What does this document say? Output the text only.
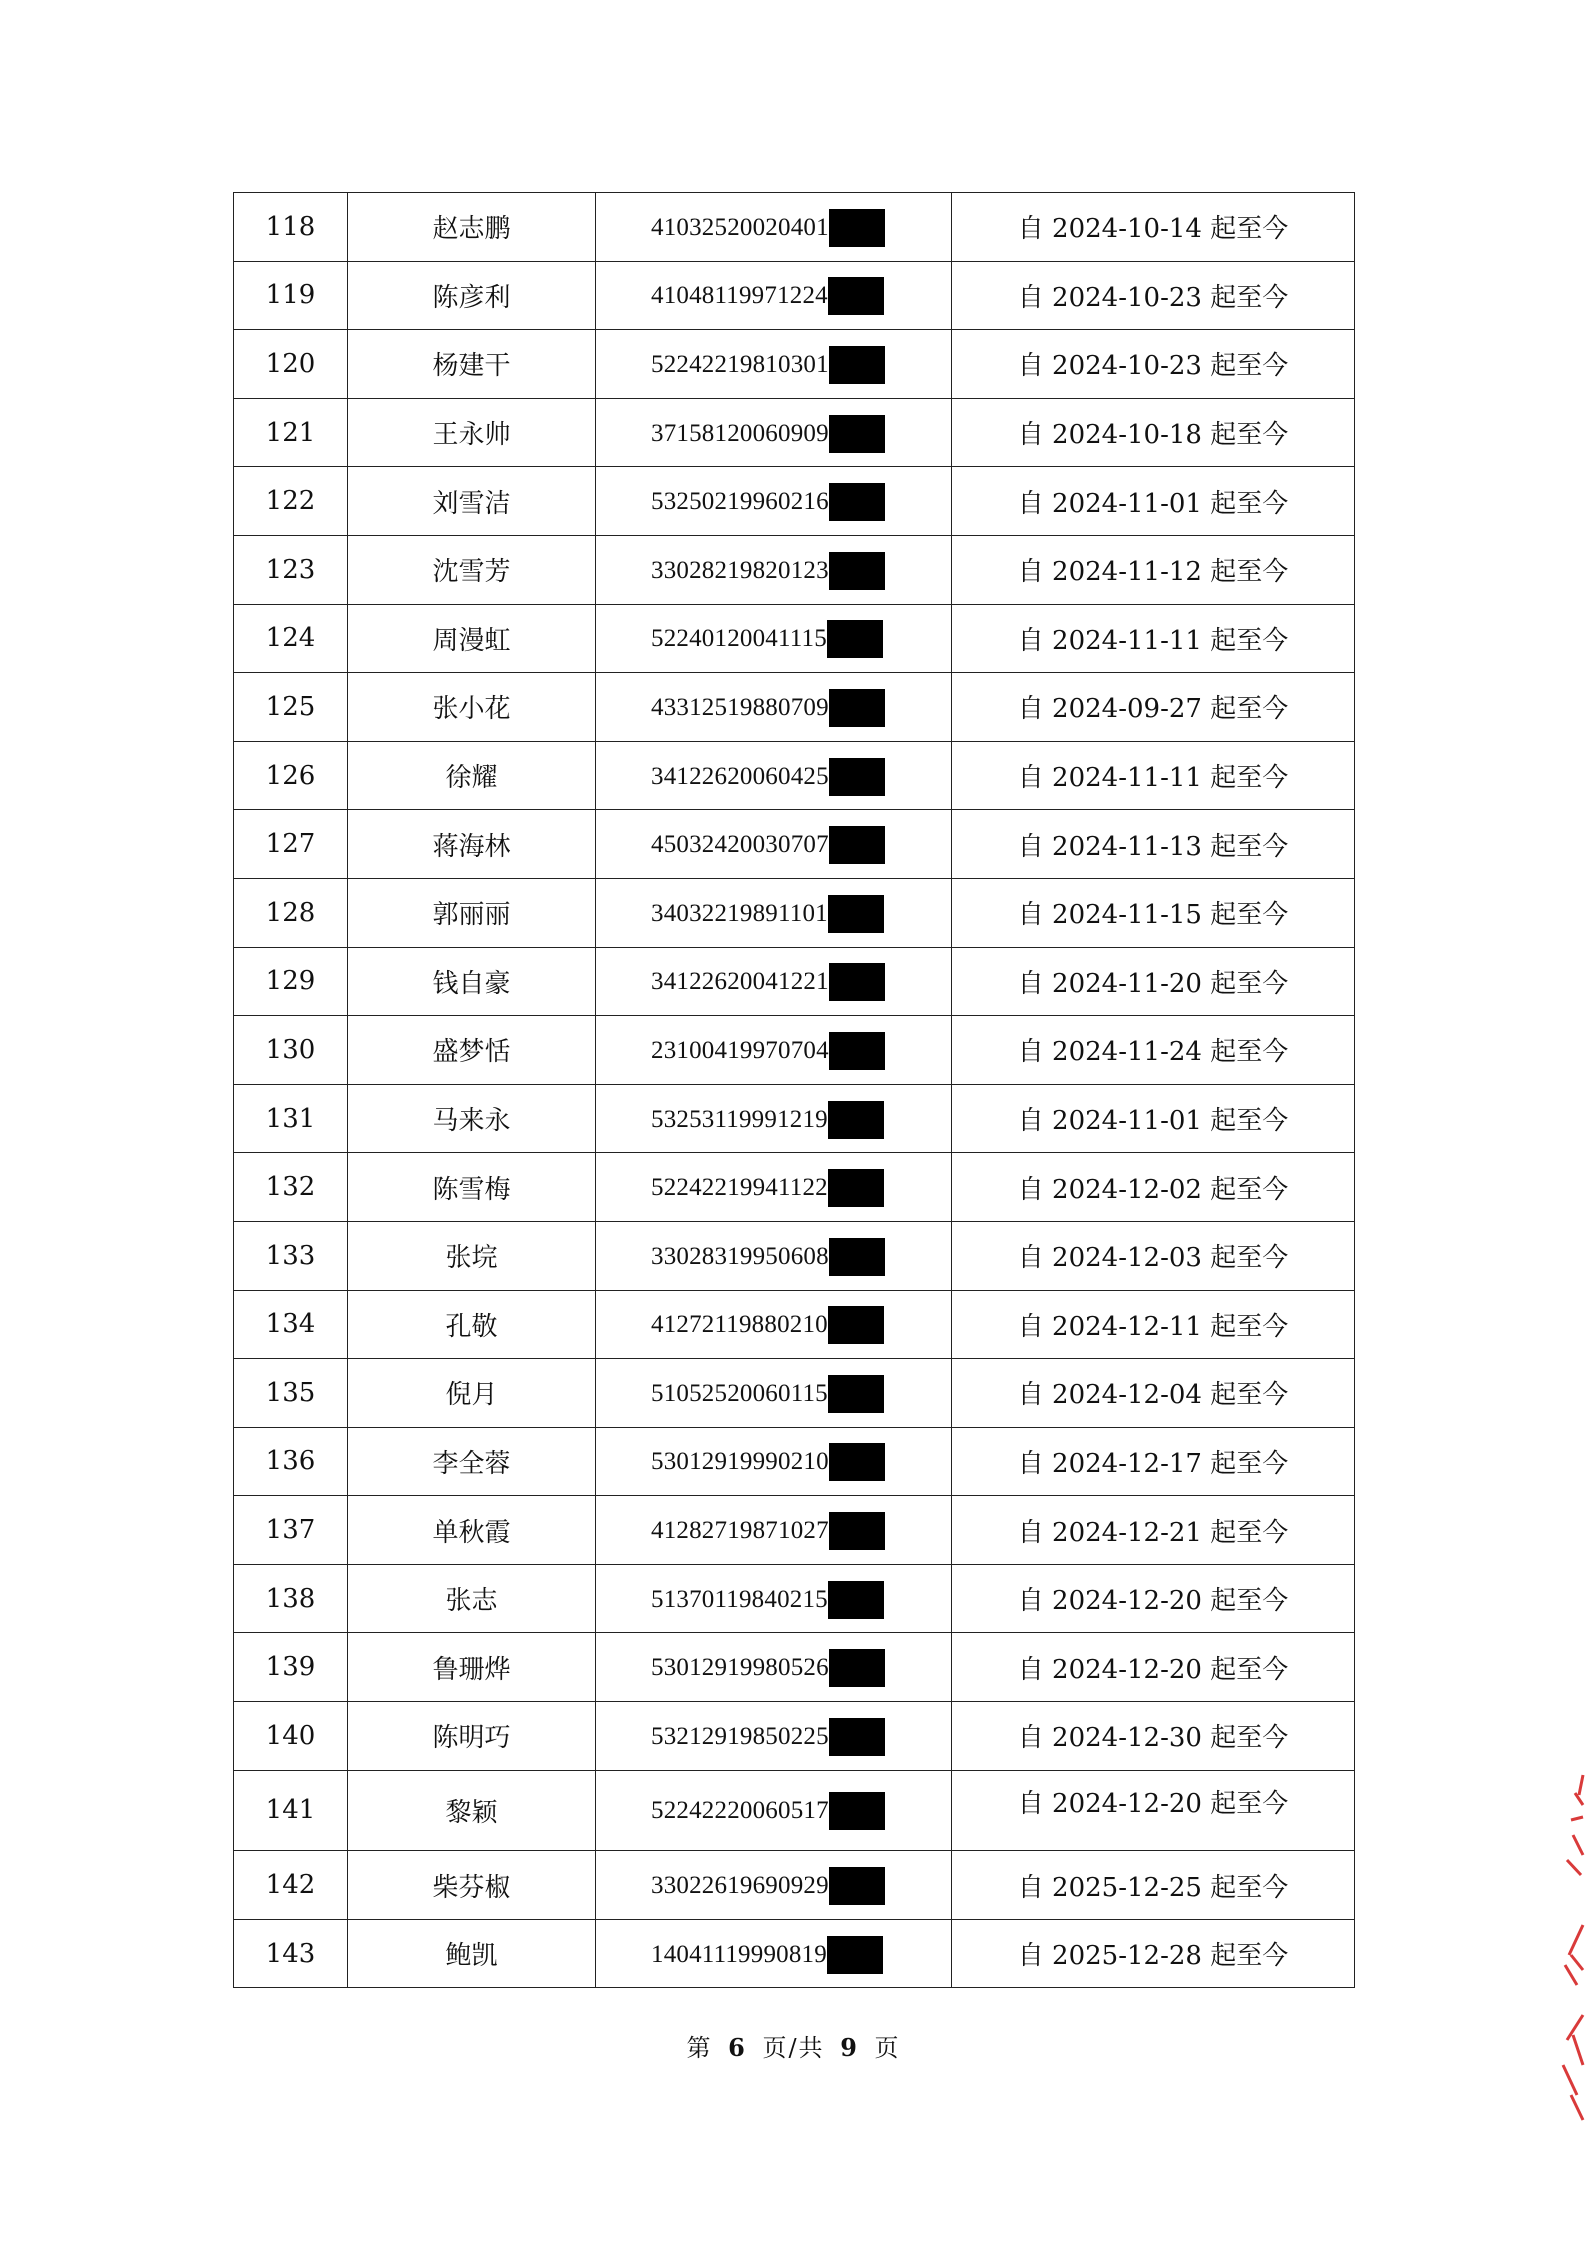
118	赵志鹏	41032520020401	自 2024-10-14 起至今
119	陈彦利	41048119971224	自 2024-10-23 起至今
120	杨建干	52242219810301	自 2024-10-23 起至今
121	王永帅	37158120060909	自 2024-10-18 起至今
122	刘雪洁	53250219960216	自 2024-11-01 起至今
123	沈雪芳	33028219820123	自 2024-11-12 起至今
124	周漫虹	52240120041115	自 2024-11-11 起至今
125	张小花	43312519880709	自 2024-09-27 起至今
126	徐耀	34122620060425	自 2024-11-11 起至今
127	蒋海林	45032420030707	自 2024-11-13 起至今
128	郭丽丽	34032219891101	自 2024-11-15 起至今
129	钱自豪	34122620041221	自 2024-11-20 起至今
130	盛梦恬	23100419970704	自 2024-11-24 起至今
131	马来永	53253119991219	自 2024-11-01 起至今
132	陈雪梅	52242219941122	自 2024-12-02 起至今
133	张垸	33028319950608	自 2024-12-03 起至今
134	孔敬	41272119880210	自 2024-12-11 起至今
135	倪月	51052520060115	自 2024-12-04 起至今
136	李全蓉	53012919990210	自 2024-12-17 起至今
137	单秋霞	41282719871027	自 2024-12-21 起至今
138	张志	51370119840215	自 2024-12-20 起至今
139	鲁珊烨	53012919980526	自 2024-12-20 起至今
140	陈明巧	53212919850225	自 2024-12-30 起至今
141	黎颖	52242220060517	自 2024-12-20 起至今
142	柴芬椒	33022619690929	自 2025-12-25 起至今
143	鲍凯	14041119990819	自 2025-12-28 起至今
第 6 页/共 9 页
